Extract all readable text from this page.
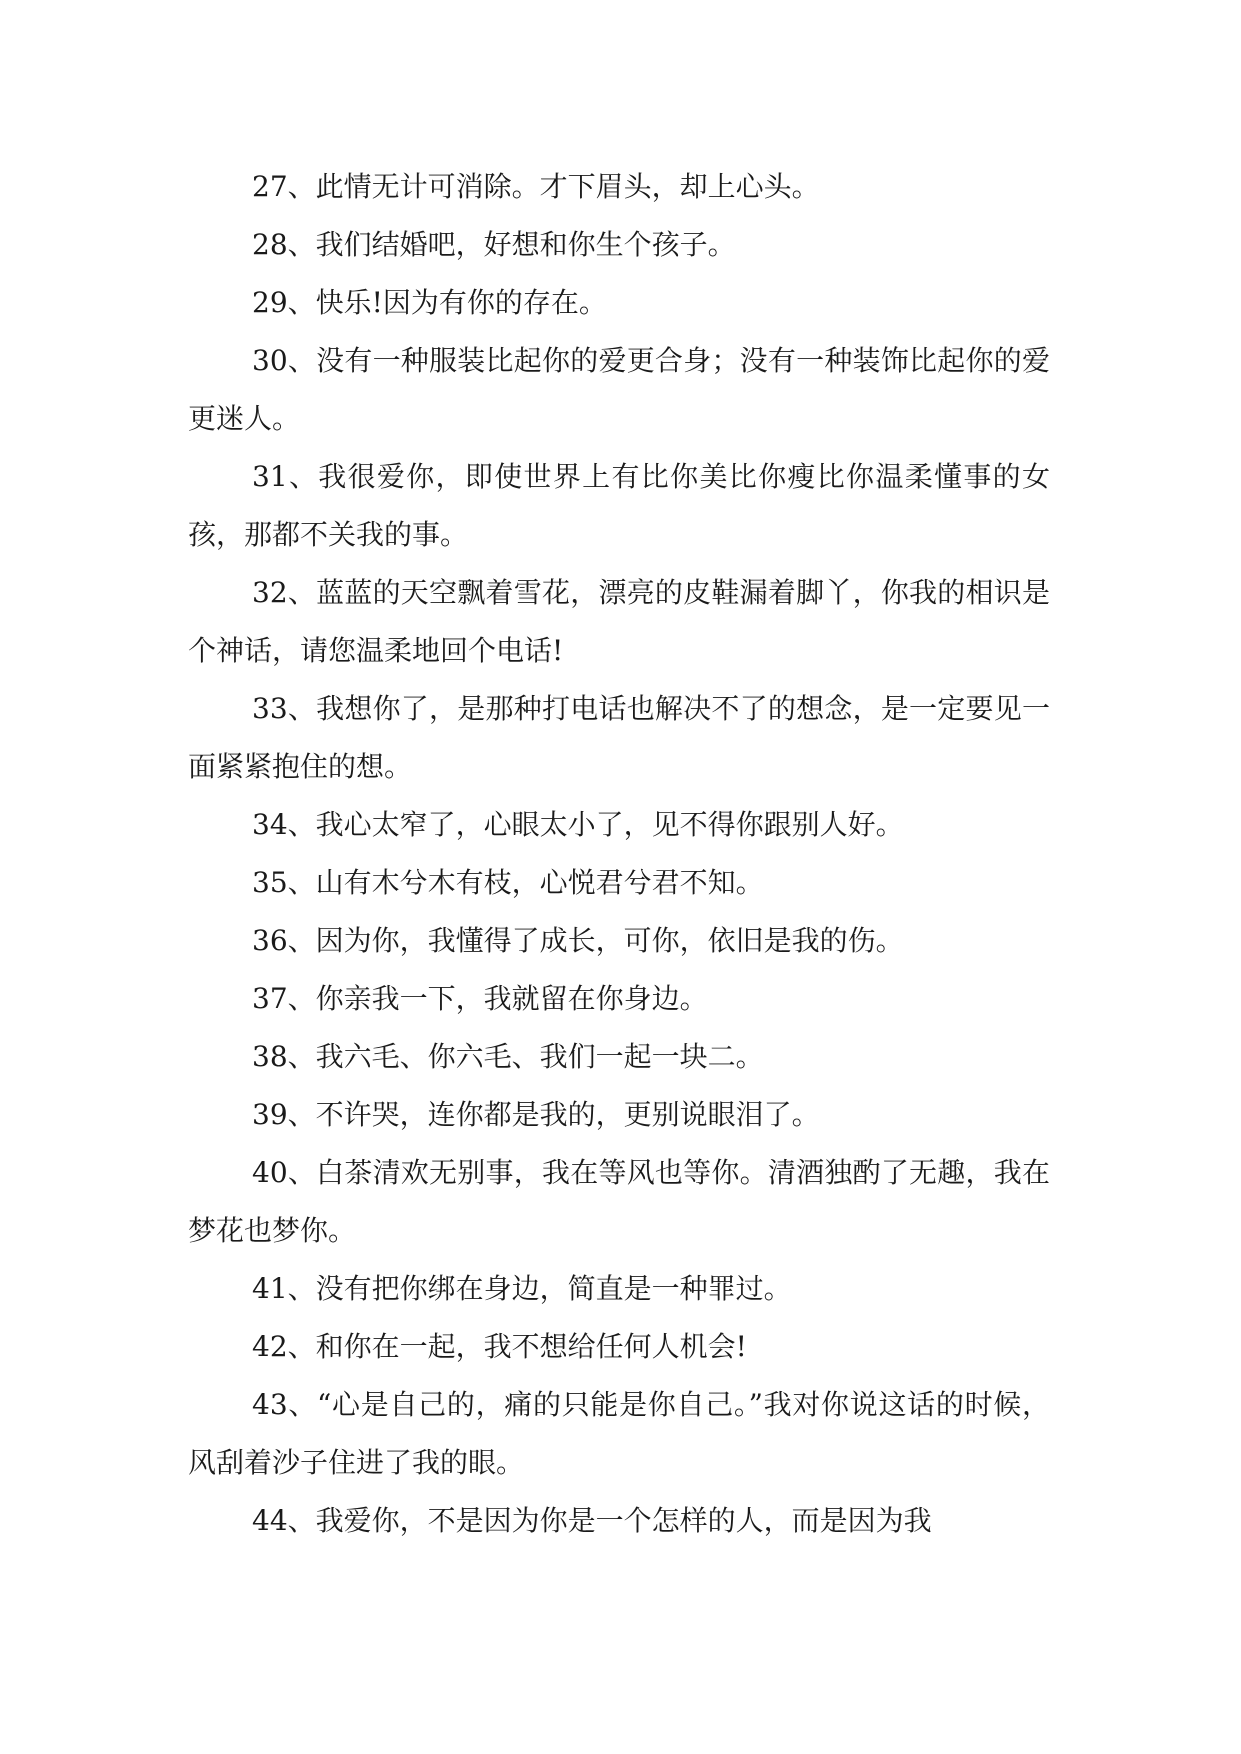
27、此情无计可消除。才下眉头，却上心头。

28、我们结婚吧，好想和你生个孩子。

29、快乐!因为有你的存在。

30、没有一种服装比起你的爱更合身；没有一种装饰比起你的爱更迷人。

31、我很爱你，即使世界上有比你美比你瘦比你温柔懂事的女孩，那都不关我的事。

32、蓝蓝的天空飘着雪花，漂亮的皮鞋漏着脚丫，你我的相识是个神话，请您温柔地回个电话!

33、我想你了，是那种打电话也解决不了的想念，是一定要见一面紧紧抱住的想。

34、我心太窄了，心眼太小了，见不得你跟别人好。

35、山有木兮木有枝，心悦君兮君不知。

36、因为你，我懂得了成长，可你，依旧是我的伤。

37、你亲我一下，我就留在你身边。

38、我六毛、你六毛、我们一起一块二。

39、不许哭，连你都是我的，更别说眼泪了。

40、白茶清欢无别事，我在等风也等你。清酒独酌了无趣，我在梦花也梦你。

41、没有把你绑在身边，简直是一种罪过。

42、和你在一起，我不想给任何人机会!

43、“心是自己的，痛的只能是你自己。”我对你说这话的时候，风刮着沙子住进了我的眼。

44、我爱你，不是因为你是一个怎样的人，而是因为我
